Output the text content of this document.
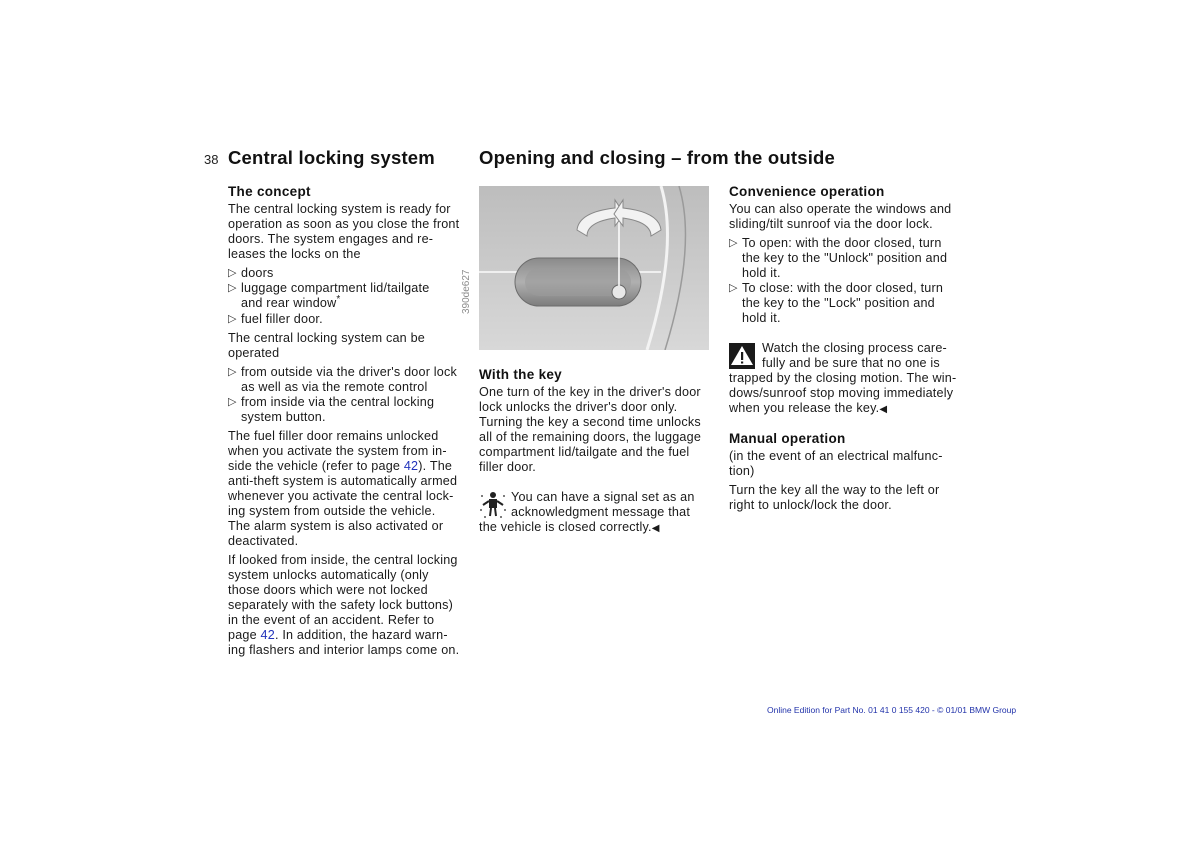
38 Central locking system Opening and closing – from the outside
The concept

The central locking system is ready for
operation as soon as you close the front
doors. The system engages and re-
leases the locks on the

▷ doors
▷ luggage compartment lid/tailgate
and rear window*
▷ fuel filler door.

The central locking system can be
operated

▷ from outside via the driver's door lock
as well as via the remote control
▷ from inside via the central locking
system button.

The fuel filler door remains unlocked
when you activate the system from in-
side the vehicle (refer to page 42). The
anti-theft system is automatically armed
whenever you activate the central lock-
ing system from outside the vehicle.
The alarm system is also activated or
deactivated.

If looked from inside, the central locking
system unlocks automatically (only
those doors which were not locked
separately with the safety lock buttons)
in the event of an accident. Refer to
page 42. In addition, the hazard warn-
ing flashers and interior lamps come on.

390de627
With the key

One turn of the key in the driver's door
lock unlocks the driver's door only.
Turning the key a second time unlocks
all of the remaining doors, the luggage
compartment lid/tailgate and the fuel
filler door.

You can have a signal set as an
acknowledgment message that
the vehicle is closed correctly.◀

Convenience operation

You can also operate the windows and
sliding/tilt sunroof via the door lock.

▷ To open: with the door closed, turn
the key to the "Unlock" position and
hold it.
▷ To close: with the door closed, turn
the key to the "Lock" position and
hold it.

Watch the closing process care-
fully and be sure that no one is
trapped by the closing motion. The win-
dows/sunroof stop moving immediately
when you release the key.◀

Manual operation

(in the event of an electrical malfunc-
tion)

Turn the key all the way to the left or
right to unlock/lock the door.

Online Edition for Part No. 01 41 0 155 420 - © 01/01 BMW Group
